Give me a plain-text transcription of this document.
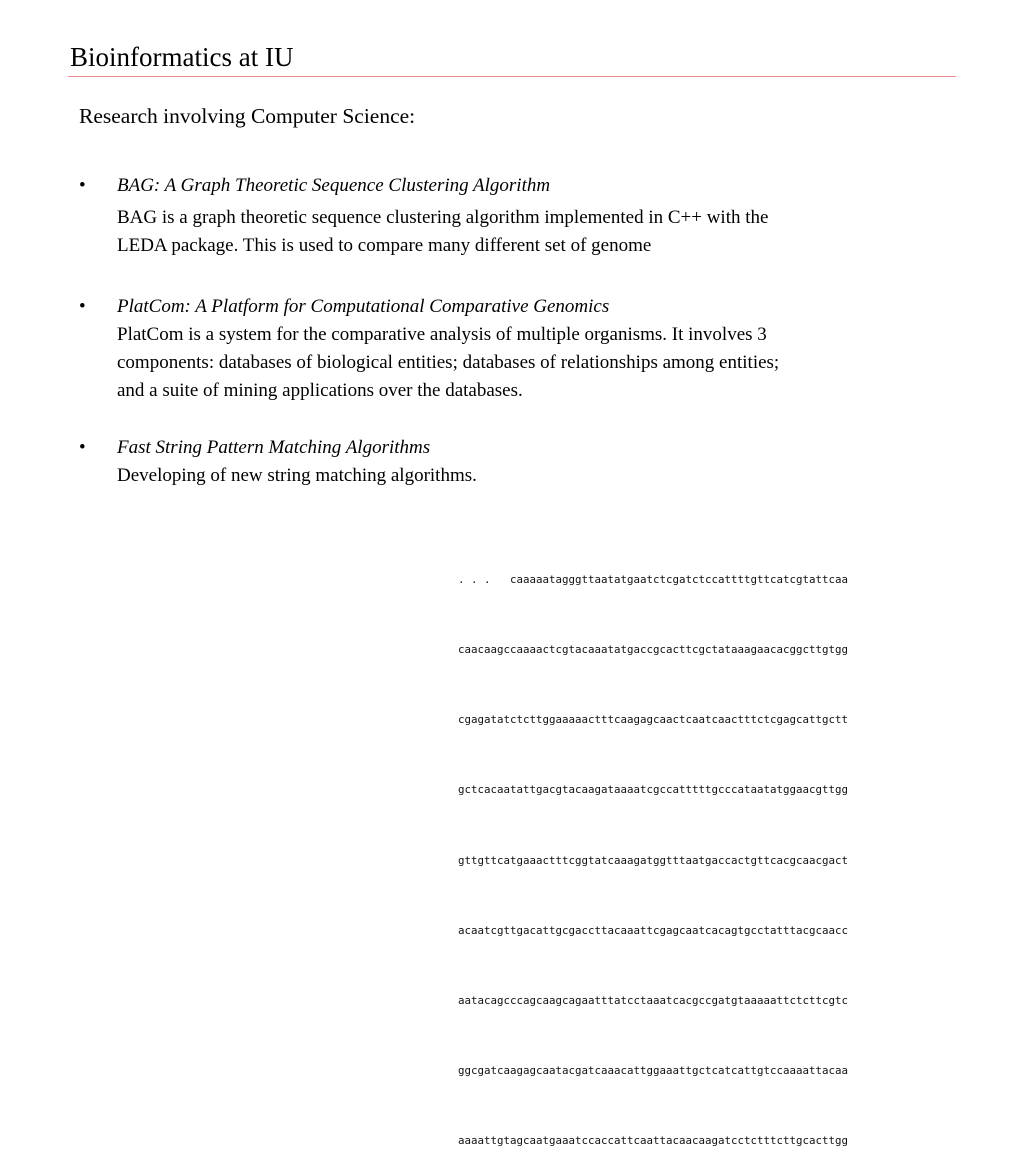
Bioinformatics at IU

Research involving Computer Science:

• BAG: A Graph Theoretic Sequence Clustering Algorithm
BAG is a graph theoretic sequence clustering algorithm implemented in C++ with the
LEDA package. This is used to compare many different set of genome
• PlatCom: A Platform for Computational Comparative Genomics
PlatCom is a system for the comparative analysis of multiple organisms. It involves 3
components: databases of biological entities; databases of relationships among entities;
and a suite of mining applications over the databases.
• Fast String Pattern Matching Algorithms
Developing of new string matching algorithms.

. . .   caaaaatagggttaatatgaatctcgatctccattttgttcatcgtattcaa

caacaagccaaaactcgtacaaatatgaccgcacttcgctataaagaacacggcttgtgg

cgagatatctcttggaaaaactttcaagagcaactcaatcaactttctcgagcattgctt

gctcacaatattgacgtacaagataaaatcgccatttttgcccataatatggaacgttgg

gttgttcatgaaactttcggtatcaaagatggtttaatgaccactgttcacgcaacgact

acaatcgttgacattgcgaccttacaaattcgagcaatcacagtgcctatttacgcaacc

aatacagcccagcaagcagaatttatcctaaatcacgccgatgtaaaaattctcttcgtc

ggcgatcaagagcaatacgatcaaacattggaaattgctcatcattgtccaaaattacaa

aaaattgtagcaatgaaatccaccattcaattacaacaagatcctctttcttgcacttgg
